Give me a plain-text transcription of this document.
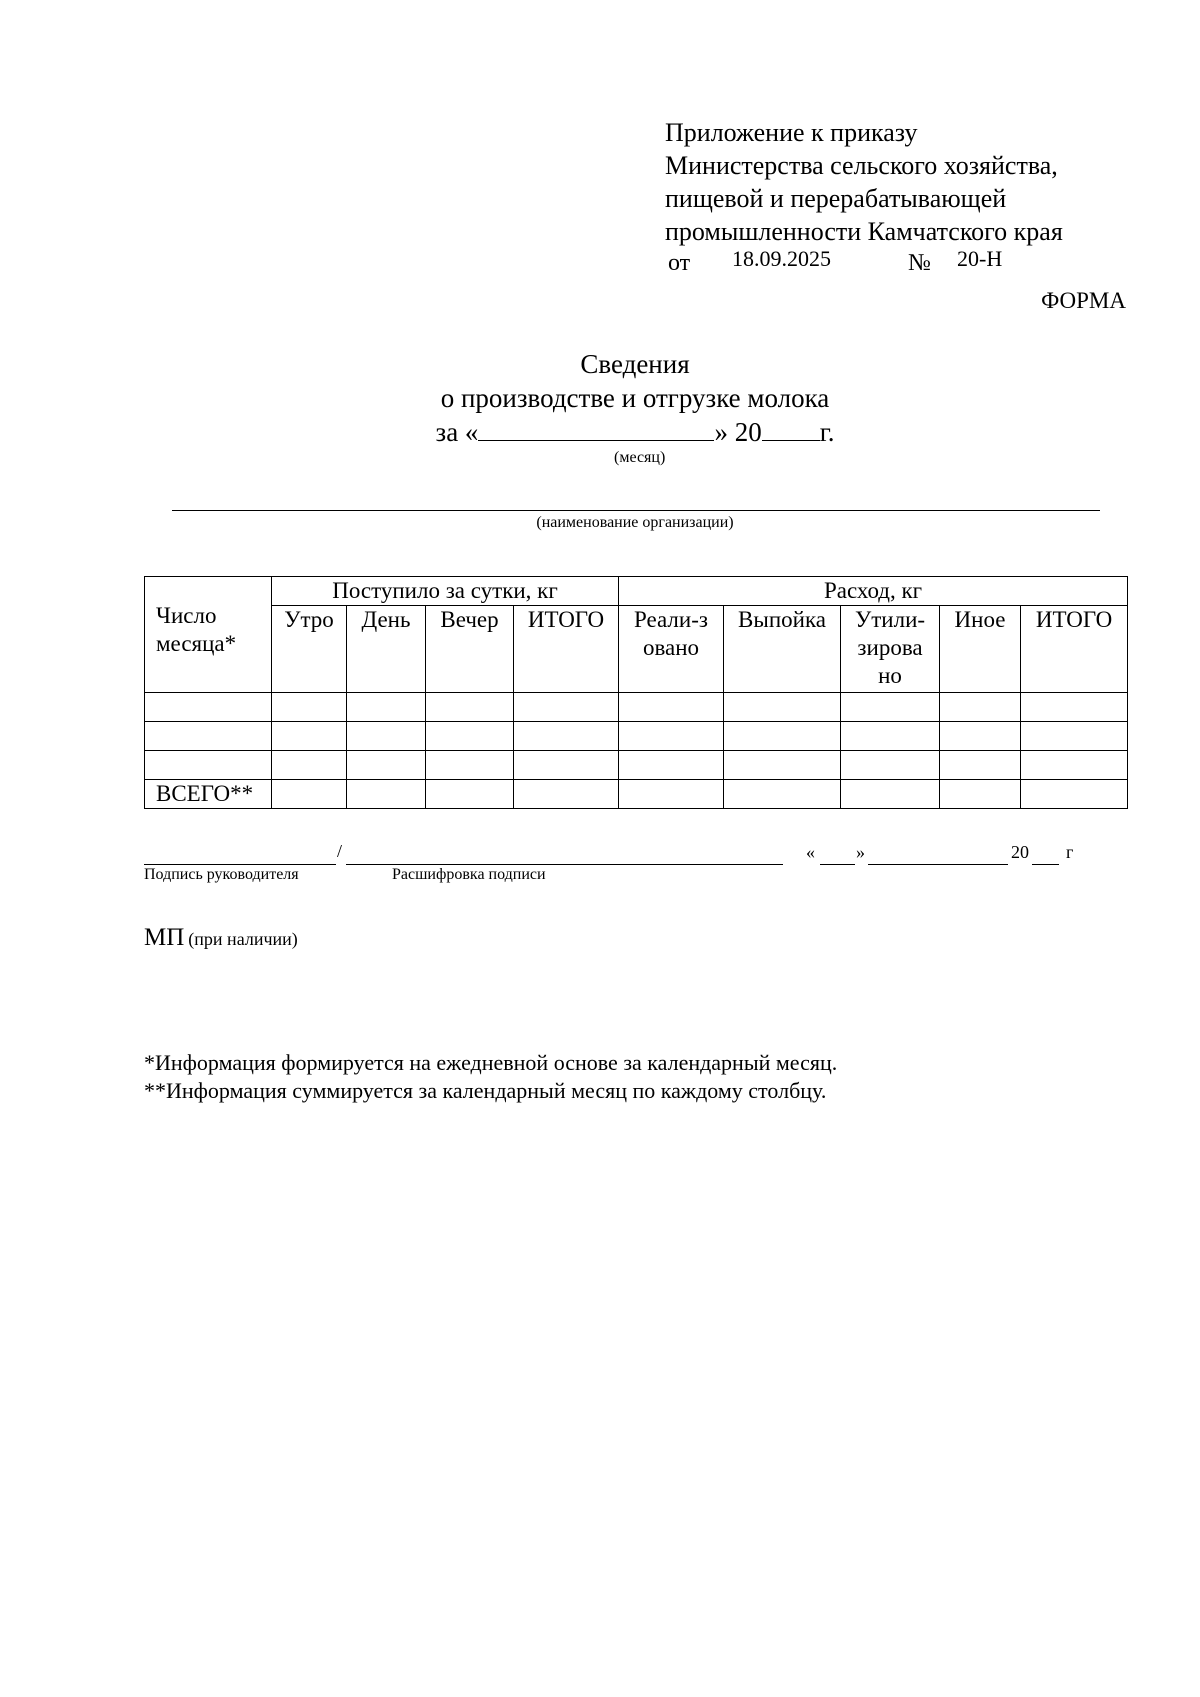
Приложение к приказу
Министерства сельского хозяйства,
пищевой и перерабатывающей
промышленности Камчатского края
от 18.09.2025	№ 20-Н
ФОРМА
Сведения
о производстве и отгрузке молока
за «	» 20 г.
(месяц)
(наименование организации)
Число месяца*	Поступило за сутки, кг				Расход, кг				
	Утро	День	Вечер	ИТОГО	Реали-зовано	Выпойка	Утили-зирова но	Иное	ИТОГО

ВСЕГО**									
/	« »	20 г
Подпись руководителя	Расшифровка подписи
МП (при наличии)
*Информация формируется на ежедневной основе за календарный месяц.
**Информация суммируется за календарный месяц по каждому столбцу.
